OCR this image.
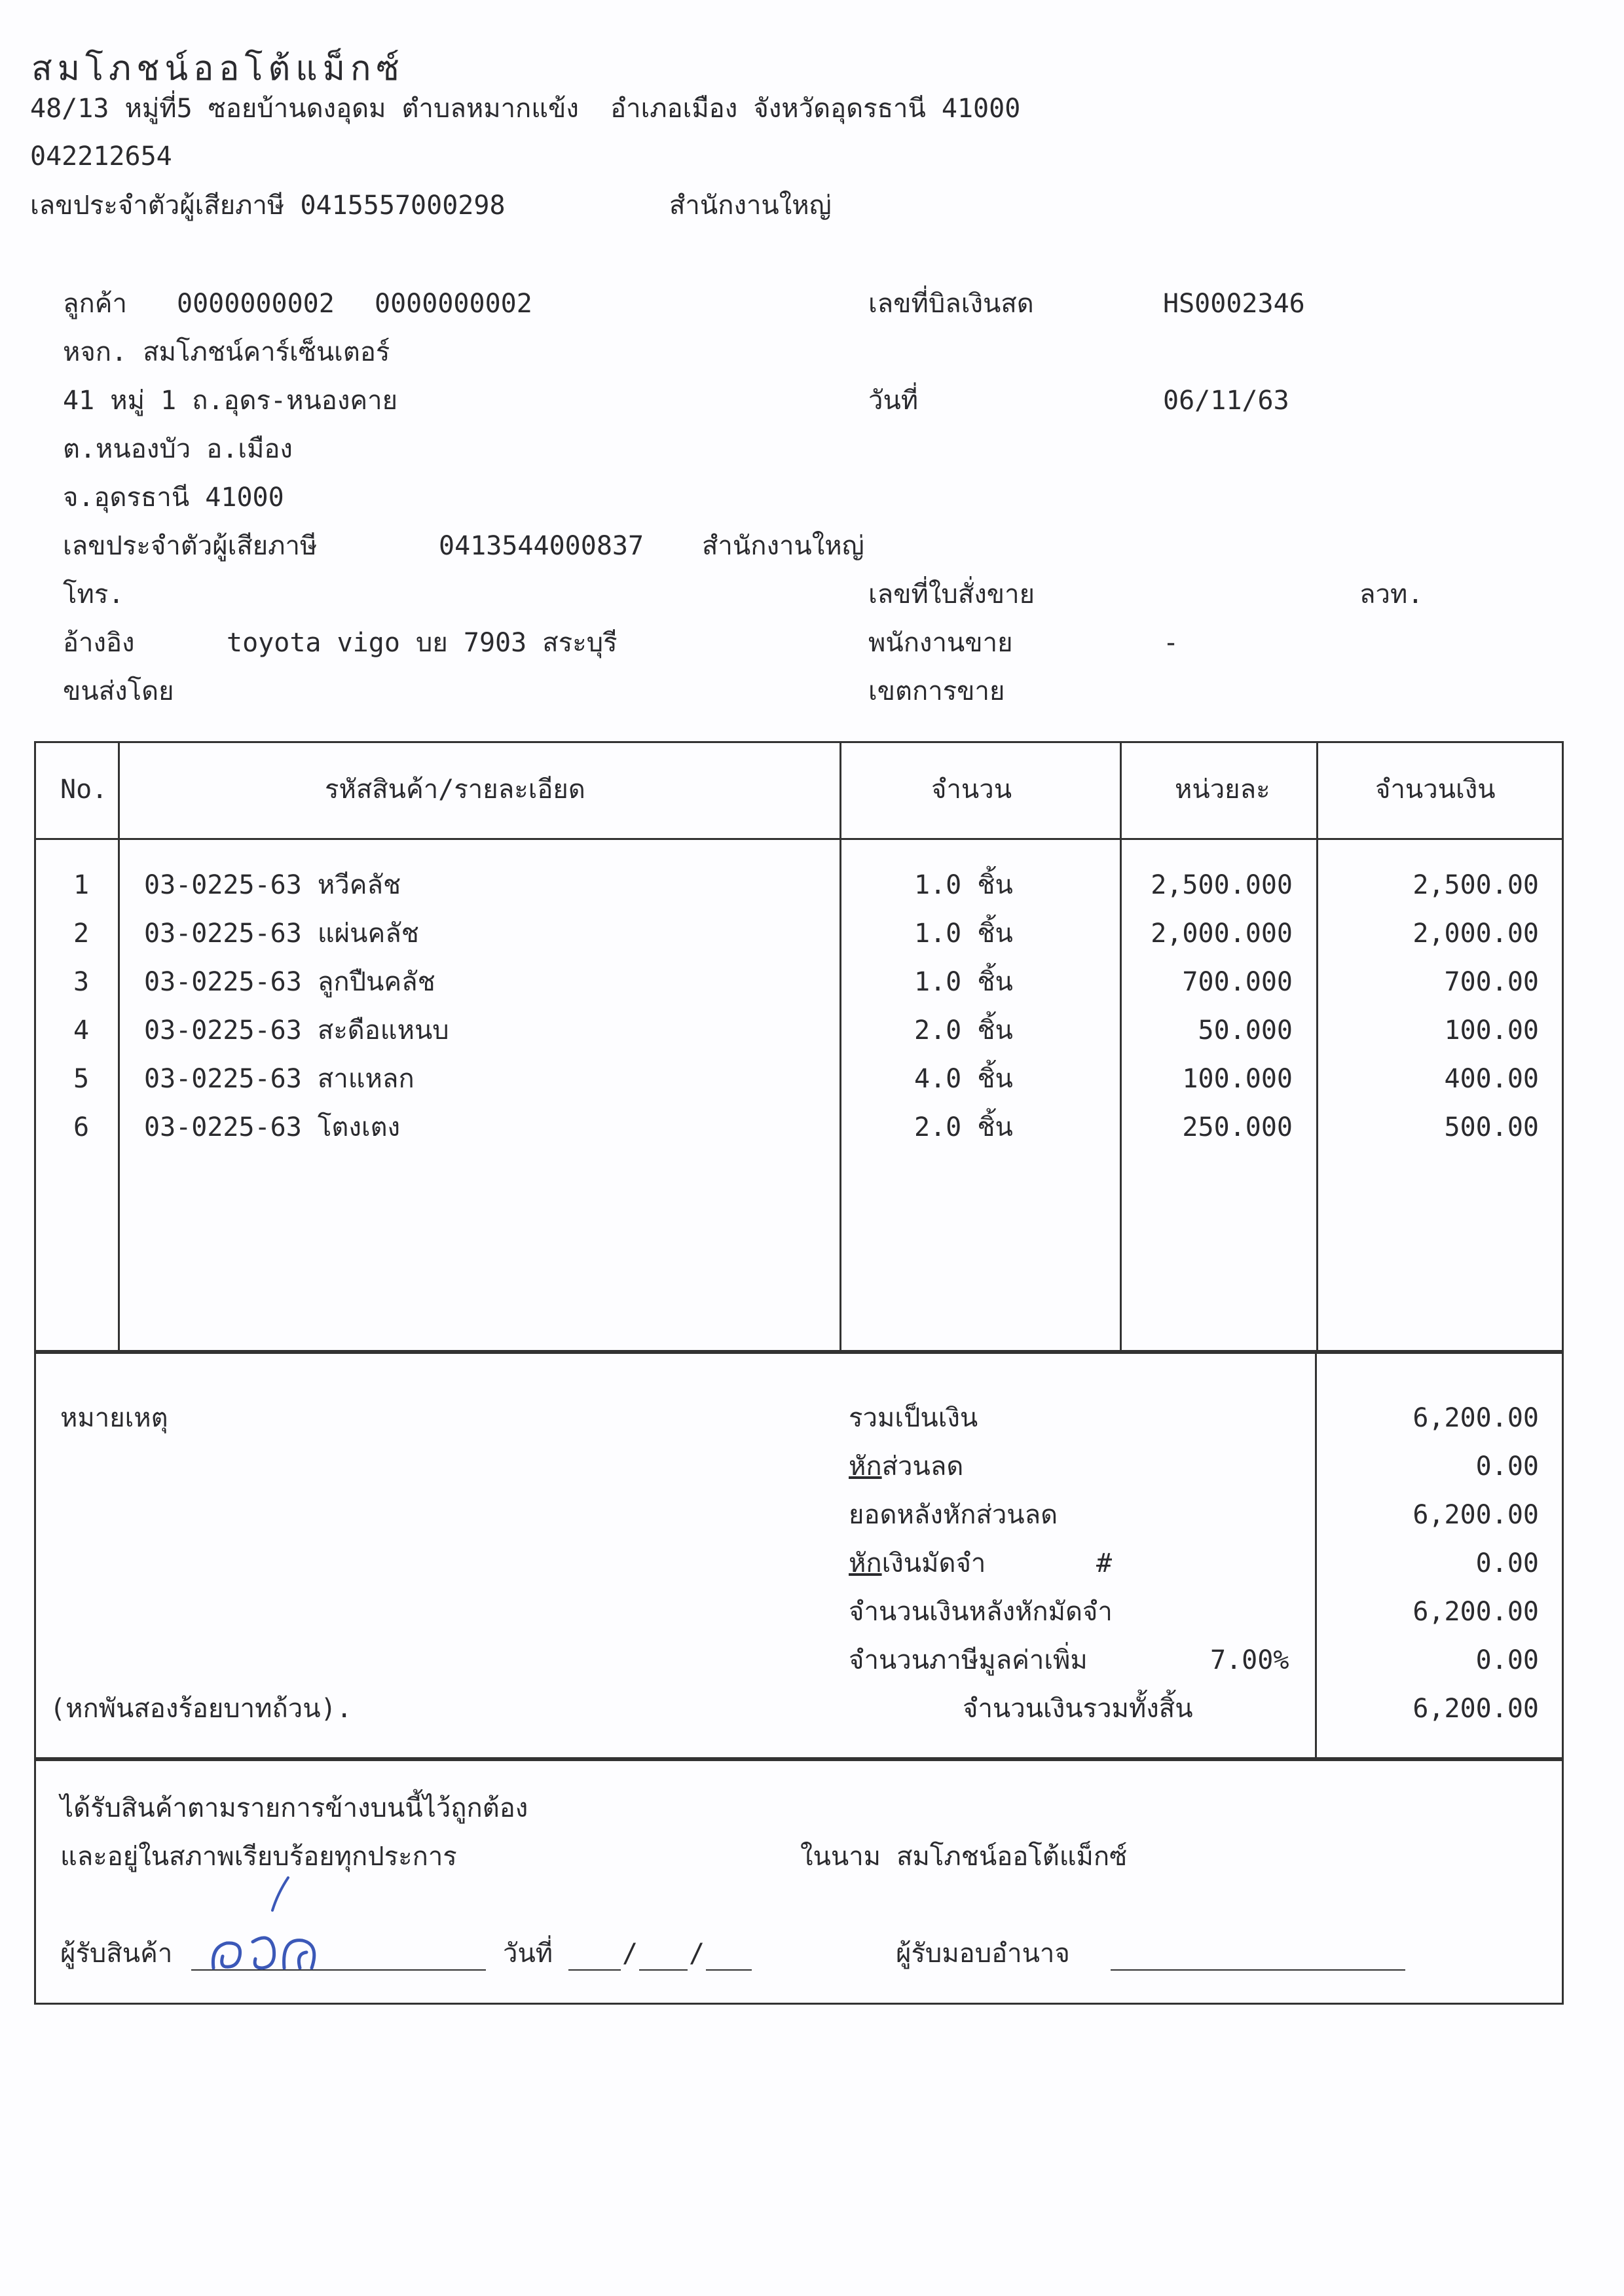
สมโภชน์ออโต้แม็กซ์
48/13 หมู่ที่5 ซอยบ้านดงอุดม ตำบลหมากแข้ง  อำเภอเมือง จังหวัดอุดรธานี 41000
042212654
เลขประจำตัวผู้เสียภาษี 0415557000298	สำนักงานใหญ่
ลูกค้า 0000000002 0000000002
หจก. สมโภชน์คาร์เซ็นเตอร์
41 หมู่ 1 ถ.อุดร-หนองคาย
ต.หนองบัว อ.เมือง
จ.อุดรธานี 41000
เลขประจำตัวผู้เสียภาษี	0413544000837 สำนักงานใหญ่
โทร.
อ้างอิง	toyota vigo บย 7903 สระบุรี
ขนส่งโดย
เลขที่บิลเงินสด	HS0002346
วันที่	06/11/63
เลขที่ใบสั่งขาย	ลวท.
พนักงานขาย	-
เขตการขาย
No.	รหัสสินค้า/รายละเอียด	จำนวน	หน่วยละ	จำนวนเงิน
1 03-0225-63 หวีคลัช	1.0 ชิ้น	2,500.000	2,500.00
2 03-0225-63 แผ่นคลัช	1.0 ชิ้น	2,000.000	2,000.00
3 03-0225-63 ลูกปืนคลัช	1.0 ชิ้น	700.000	700.00
4 03-0225-63 สะดือแหนบ	2.0 ชิ้น	50.000	100.00
5 03-0225-63 สาแหลก	4.0 ชิ้น	100.000	400.00
6 03-0225-63 โตงเตง	2.0 ชิ้น	250.000	500.00
หมายเหตุ
(หกพันสองร้อยบาทถ้วน).
รวมเป็นเงิน	6,200.00
หักส่วนลด	0.00
ยอดหลังหักส่วนลด	6,200.00
หักเงินมัดจำ	#	0.00
จำนวนเงินหลังหักมัดจำ	6,200.00
จำนวนภาษีมูลค่าเพิ่ม	7.00%	0.00
จำนวนเงินรวมทั้งสิ้น	6,200.00
ได้รับสินค้าตามรายการข้างบนนี้ไว้ถูกต้อง
และอยู่ในสภาพเรียบร้อยทุกประการ	ในนาม สมโภชน์ออโต้แม็กซ์
ผู้รับสินค้า	วันที่	/ /	ผู้รับมอบอำนาจ
